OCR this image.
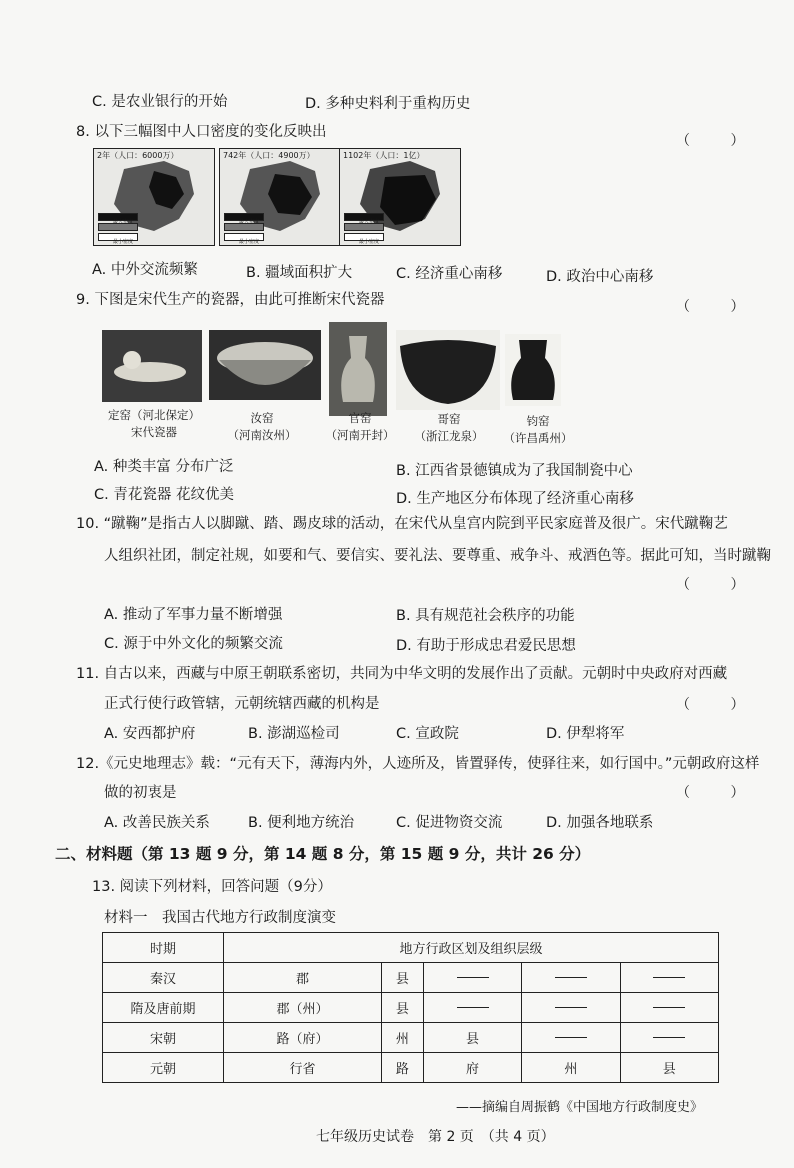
C. 是农业银行的开始	D. 多种史料利于重构历史
8. 以下三幅图中人口密度的变化反映出
（ ）
2年（人口：6000万）
$^{最大密度}$
$^{最小密度}$
742年（人口：4900万）
$^{最大密度}$
$^{最小密度}$
1102年（人口：1亿）
$^{最大密度}$
$^{最小密度}$
A. 中外交流频繁	B. 疆域面积扩大	C. 经济重心南移	D. 政治中心南移
9. 下图是宋代生产的瓷器，由此可推断宋代瓷器	（ ）
定窑（河北保定）
宋代瓷器
汝窑
（河南汝州）
官窑
（河南开封）
哥窑
（浙江龙泉）
钧窑
（许昌禹州）
A. 种类丰富 分布广泛	B. 江西省景德镇成为了我国制瓷中心
C. 青花瓷器 花纹优美	D. 生产地区分布体现了经济重心南移
10. “蹴鞠”是指古人以脚蹴、踏、踢皮球的活动，在宋代从皇宫内院到平民家庭普及很广。宋代蹴鞠艺
人组织社团，制定社规，如要和气、要信实、要礼法、要尊重、戒争斗、戒酒色等。据此可知，当时蹴鞠
（ ）
A. 推动了军事力量不断增强	B. 具有规范社会秩序的功能
C. 源于中外文化的频繁交流	D. 有助于形成忠君爱民思想
11. 自古以来，西藏与中原王朝联系密切，共同为中华文明的发展作出了贡献。元朝时中央政府对西藏
正式行使行政管辖，元朝统辖西藏的机构是	（ ）
A. 安西都护府	B. 澎湖巡检司	C. 宣政院	D. 伊犁将军
12.《元史地理志》载：“元有天下，薄海内外，人迹所及，皆置驿传，使驿往来，如行国中。”元朝政府这样
做的初衷是	（ ）
A. 改善民族关系	B. 便利地方统治	C. 促进物资交流	D. 加强各地联系
二、材料题（第 13 题 9 分，第 14 题 8 分，第 15 题 9 分，共计 26 分）
13. 阅读下列材料，回答问题（9分）
材料一　我国古代地方行政制度演变
时期	地方行政区划及组织层级				
秦汉	郡	县			
隋及唐前期	郡（州）	县			
宋朝	路（府）	州	县		
元朝	行省	路	府	州	县
——摘编自周振鹤《中国地方行政制度史》
七年级历史试卷　第 2 页　（共 4 页）
